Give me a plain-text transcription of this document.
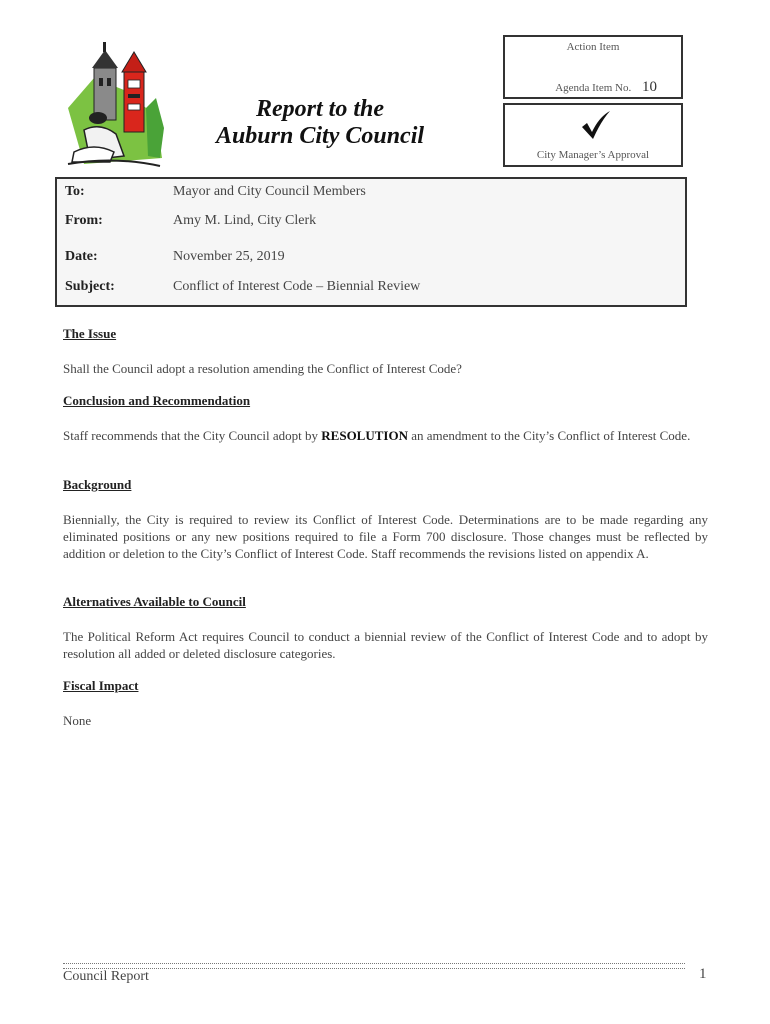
Report to the
Auburn City Council
Action Item
Agenda Item No. 10
City Manager’s Approval
To:	Mayor and City Council Members
From:	Amy M. Lind, City Clerk
Date:	November 25, 2019
Subject:	Conflict of Interest Code – Biennial Review
The Issue
Shall the Council adopt a resolution amending the Conflict of Interest Code?
Conclusion and Recommendation
Staff recommends that the City Council adopt by RESOLUTION an amendment to the City’s Conflict of Interest Code.
Background
Biennially, the City is required to review its Conflict of Interest Code. Determinations are to be made regarding any eliminated positions or any new positions required to file a Form 700 disclosure. Those changes must be reflected by addition or deletion to the City’s Conflict of Interest Code. Staff recommends the revisions listed on appendix A.
Alternatives Available to Council
The Political Reform Act requires Council to conduct a biennial review of the Conflict of Interest Code and to adopt by resolution all added or deleted disclosure categories.
Fiscal Impact
None
Council Report	1
